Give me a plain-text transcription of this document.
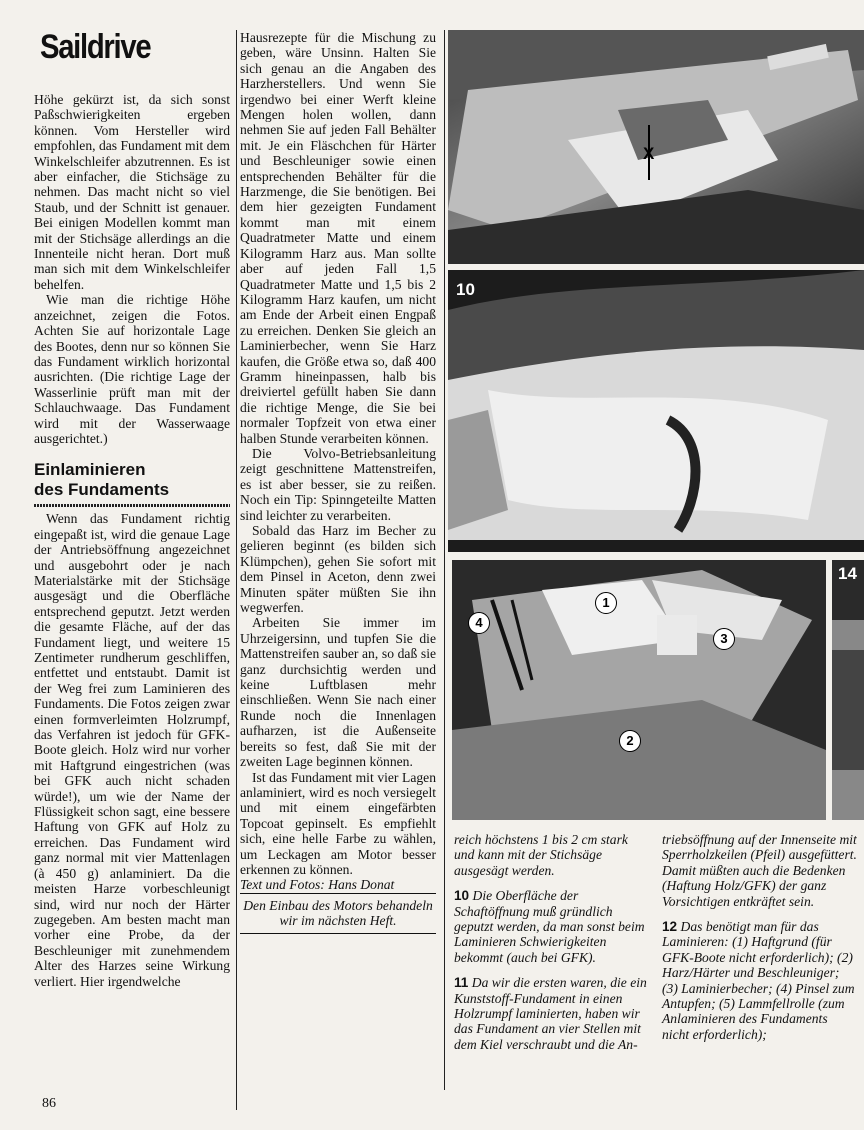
Saildrive

Höhe gekürzt ist, da sich sonst Paßschwierigkeiten ergeben können. Vom Hersteller wird empfohlen, das Fundament mit dem Winkelschleifer abzutrennen. Es ist aber einfacher, die Stichsäge zu nehmen. Das macht nicht so viel Staub, und der Schnitt ist genauer. Bei einigen Modellen kommt man mit der Stichsäge allerdings an die Innenteile nicht heran. Dort muß man sich mit dem Winkelschleifer behelfen.

Wie man die richtige Höhe anzeichnet, zeigen die Fotos. Achten Sie auf horizontale Lage des Bootes, denn nur so können Sie das Fundament wirklich horizontal ausrichten. (Die richtige Lage der Wasserlinie prüft man mit der Schlauchwaage. Das Fundament wird mit der Wasserwaage ausgerichtet.)

Einlaminieren
des Fundaments

Wenn das Fundament richtig eingepaßt ist, wird die genaue Lage der Antriebsöffnung angezeichnet und ausgebohrt oder je nach Materialstärke mit der Stichsäge ausgesägt und die Oberfläche entsprechend geputzt. Jetzt werden die gesamte Fläche, auf der das Fundament liegt, und weitere 15 Zentimeter rundherum geschliffen, entfettet und entstaubt. Damit ist der Weg frei zum Laminieren des Fundaments. Die Fotos zeigen zwar einen formverleimten Holzrumpf, das Verfahren ist jedoch für GFK-Boote gleich. Holz wird nur vorher mit Haftgrund eingestrichen (was bei GFK auch nicht schaden würde!), um wie der Name der Flüssigkeit schon sagt, eine bessere Haftung von GFK auf Holz zu erreichen. Das Fundament wird ganz normal mit vier Mattenlagen (à 450 g) anlaminiert. Da die meisten Harze vorbeschleunigt sind, wird nur noch der Härter zugegeben. Am besten macht man vorher eine Probe, da der Beschleuniger mit zunehmendem Alter des Harzes seine Wirkung verliert. Hier irgendwelche

Hausrezepte für die Mischung zu geben, wäre Unsinn. Halten Sie sich genau an die Angaben des Harzherstellers. Und wenn Sie irgendwo bei einer Werft kleine Mengen holen wollen, dann nehmen Sie auf jeden Fall Behälter mit. Je ein Fläschchen für Härter und Beschleuniger sowie einen entsprechenden Behälter für die Harzmenge, die Sie benötigen. Bei dem hier gezeigten Fundament kommt man mit einem Quadratmeter Matte und einem Kilogramm Harz aus. Man sollte aber auf jeden Fall 1,5 Quadratmeter Matte und 1,5 bis 2 Kilogramm Harz kaufen, um nicht am Ende der Arbeit einen Engpaß zu erreichen. Denken Sie gleich an Laminierbecher, wenn Sie Harz kaufen, die Größe etwa so, daß 400 Gramm hineinpassen, halb bis dreiviertel gefüllt haben Sie dann die richtige Menge, die Sie bei normaler Topfzeit von etwa einer halben Stunde verarbeiten können.

Die Volvo-Betriebsanleitung zeigt geschnittene Mattenstreifen, es ist aber besser, sie zu reißen. Noch ein Tip: Spinngeteilte Matten sind leichter zu verarbeiten.

Sobald das Harz im Becher zu gelieren beginnt (es bilden sich Klümpchen), gehen Sie sofort mit dem Pinsel in Aceton, denn zwei Minuten später müßten Sie ihn wegwerfen.

Arbeiten Sie immer im Uhrzeigersinn, und tupfen Sie die Mattenstreifen sauber an, so daß sie ganz durchsichtig werden und keine Luftblasen mehr einschließen. Wenn Sie nach einer Runde noch die Innenlagen aufharzen, ist die Außenseite bereits so fest, daß Sie mit der zweiten Lage beginnen können.

Ist das Fundament mit vier Lagen anlaminiert, wird es noch versiegelt und mit einem eingefärbten Topcoat gepinselt. Es empfiehlt sich, eine helle Farbe zu wählen, um Leckagen am Motor besser erkennen zu können.

Text und Fotos: Hans Donat

Den Einbau des Motors behandeln wir im nächsten Heft.

X
10
1
2
3
4
14

reich höchstens 1 bis 2 cm stark und kann mit der Stichsäge ausgesägt werden.

10 Die Oberfläche der Schaftöffnung muß gründlich geputzt werden, da man sonst beim Laminieren Schwierigkeiten bekommt (auch bei GFK).

11 Da wir die ersten waren, die ein Kunststoff-Fundament in einen Holzrumpf laminierten, haben wir das Fundament an vier Stellen mit dem Kiel verschraubt und die An-

triebsöffnung auf der Innenseite mit Sperrholzkeilen (Pfeil) ausgefüttert. Damit müßten auch die Bedenken (Haftung Holz/GFK) der ganz Vorsichtigen entkräftet sein.

12 Das benötigt man für das Laminieren: (1) Haftgrund (für GFK-Boote nicht erforderlich); (2) Harz/Härter und Beschleuniger; (3) Laminierbecher; (4) Pinsel zum Antupfen; (5) Lammfellrolle (zum Anlaminieren des Fundaments nicht erforderlich);

86
